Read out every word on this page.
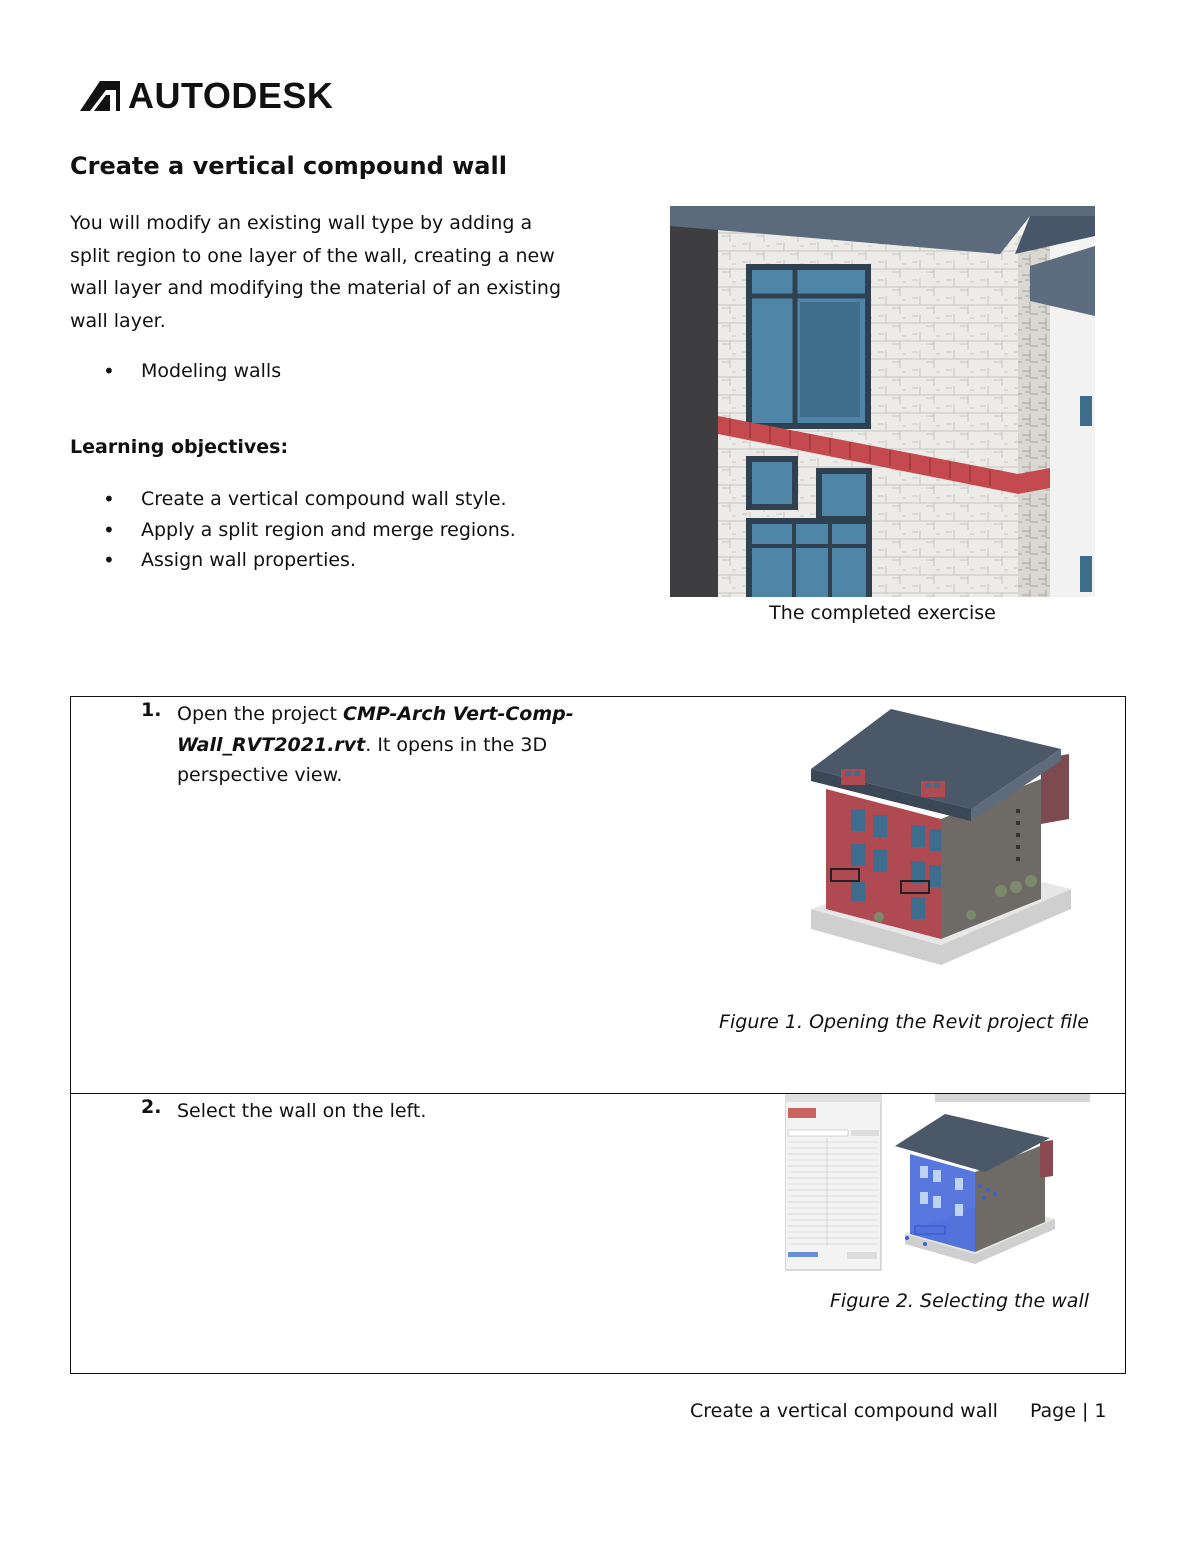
AUTODESK
Create a vertical compound wall

You will modify an existing wall type by adding a split region to one layer of the wall, creating a new wall layer and modifying the material of an existing wall layer.

• Modeling walls

Learning objectives:

• Create a vertical compound wall style.
• Apply a split region and merge regions.
• Assign wall properties.
The completed exercise
1. Open the project CMP-Arch Vert-Comp-Wall_RVT2021.rvt. It opens in the 3D perspective view.
Figure 1. Opening the Revit project file
2. Select the wall on the left.
Figure 2. Selecting the wall
Create a vertical compound wall Page | 1
